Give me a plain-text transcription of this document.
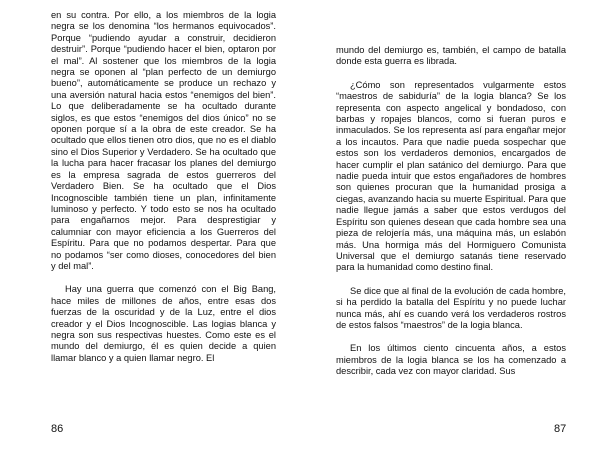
en su contra. Por ello, a los miembros de la logia negra se los denomina “los hermanos equivocados”. Porque “pudiendo ayudar a construir, decidieron destruir”. Porque “pudiendo hacer el bien, optaron por el mal”. Al sostener que los miembros de la logia negra se oponen al “plan perfecto de un demiurgo bueno”, automáticamente se produce un rechazo y una aversión natural hacia estos “enemigos del bien”. Lo que deliberadamente se ha ocultado durante siglos, es que estos “enemigos del dios único” no se oponen porque sí a la obra de este creador. Se ha ocultado que ellos tienen otro dios, que no es el diablo sino el Dios Superior y Verdadero. Se ha ocultado que la lucha para hacer fracasar los planes del demiurgo es la empresa sagrada de estos guerreros del Verdadero Bien. Se ha ocultado que el Dios Incognoscible también tiene un plan, infinitamente luminoso y perfecto. Y todo esto se nos ha ocultado para engañarnos mejor. Para desprestigiar y calumniar con mayor eficiencia a los Guerreros del Espíritu. Para que no podamos despertar. Para que no podamos “ser como dioses, conocedores del bien y del mal”.

Hay una guerra que comenzó con el Big Bang, hace miles de millones de años, entre esas dos fuerzas de la oscuridad y de la Luz, entre el dios creador y el Dios Incognoscible. Las logias blanca y negra son sus respectivas huestes. Como este es el mundo del demiurgo, él es quien decide a quien llamar blanco y a quien llamar negro. El

86	87

mundo del demiurgo es, también, el campo de batalla donde esta guerra es librada.

¿Cómo son representados vulgarmente estos “maestros de sabiduría” de la logia blanca? Se los representa con aspecto angelical y bondadoso, con barbas y ropajes blancos, como si fueran puros e inmaculados. Se los representa así para engañar mejor a los incautos. Para que nadie pueda sospechar que estos son los verdaderos demonios, encargados de hacer cumplir el plan satánico del demiurgo. Para que nadie pueda intuir que estos engañadores de hombres son quienes procuran que la humanidad prosiga a ciegas, avanzando hacia su muerte Espiritual. Para que nadie llegue jamás a saber que estos verdugos del Espíritu son quienes desean que cada hombre sea una pieza de relojería más, una máquina más, un eslabón más. Una hormiga más del Hormiguero Comunista Universal que el demiurgo satanás tiene reservado para la humanidad como destino final.

Se dice que al final de la evolución de cada hombre, si ha perdido la batalla del Espíritu y no puede luchar nunca más, ahí es cuando verá los verdaderos rostros de estos falsos “maestros” de la logia blanca.

En los últimos ciento cincuenta años, a estos miembros de la logia blanca se los ha comenzado a describir, cada vez con mayor claridad. Sus
